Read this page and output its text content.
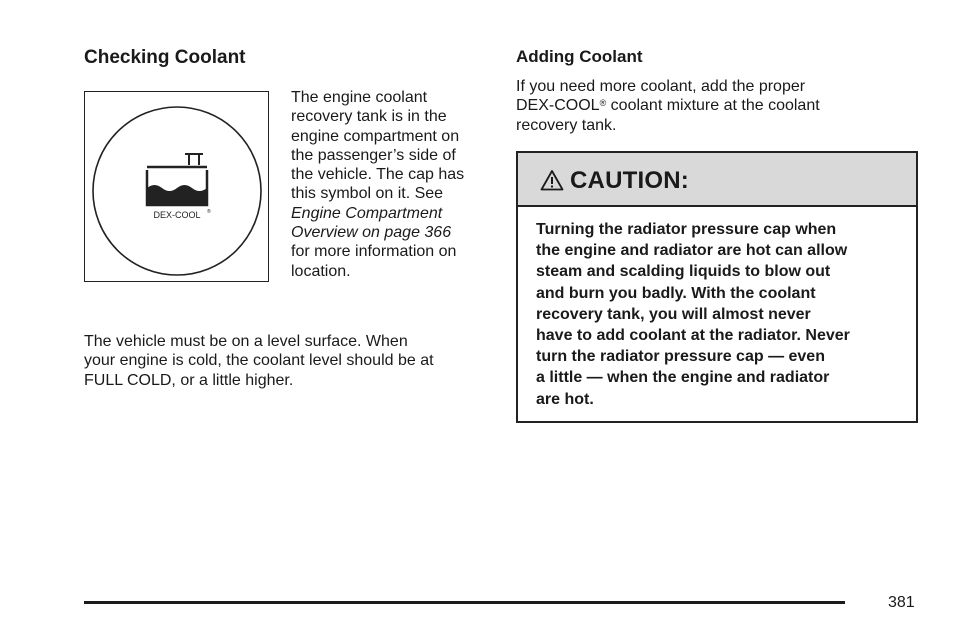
Checking Coolant
DEX-COOL ®
The engine coolant
recovery tank is in the
engine compartment on
the passenger’s side of
the vehicle. The cap has
this symbol on it. See
Engine Compartment
Overview on page 366
for more information on
location.
The vehicle must be on a level surface. When
your engine is cold, the coolant level should be at
FULL COLD, or a little higher.
Adding Coolant
If you need more coolant, add the proper
DEX-COOL® coolant mixture at the coolant
recovery tank.
CAUTION:
Turning the radiator pressure cap when
the engine and radiator are hot can allow
steam and scalding liquids to blow out
and burn you badly. With the coolant
recovery tank, you will almost never
have to add coolant at the radiator. Never
turn the radiator pressure cap — even
a little — when the engine and radiator
are hot.
381
